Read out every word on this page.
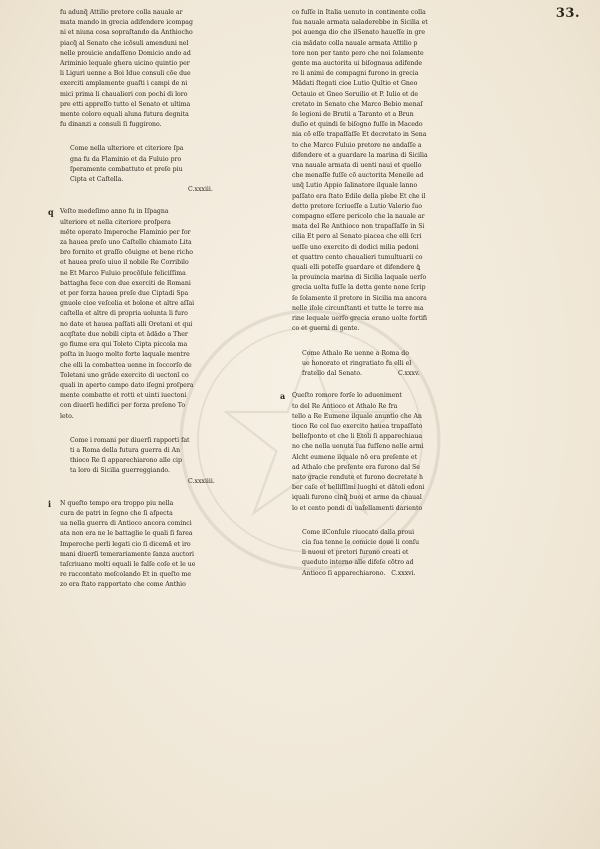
33.
fu adunq̃ Attilio pretore colla nauale ar
mata mando in grecia adifendere icompag
ni et niuna cosa sopraſtando da Anthiocho
piacq̃ al Senato che icõsuli amenduni nel
nelle prouicie andaſſeno Domicio ando ad
Ariminio lequale ghera uicino quintio per
li Liguri uenne a Boi Idue consuli cõe due
exerciti amplamente guaſti i campi de ni
mici prima li chaualieri con pochi di loro
pre etti appreſſo tutto el Senato et ultima
mente coloro equali aluna futura degnita
fu dinanzi a consuli ſi fuggirono.
Come nella ulteriore et citeriore ſpa
gna fu da Flaminio et da Fuluio pro
ſperamente combattuto et preſe piu
Cipta et Caſtella.
C.xxxiii.
q Veſto medeſimo anno fu in Iſpagna
ulteriore et nella citeriore proſpera
mēte operato Imperoche Flaminio per for
za hauea preſo uno Caſtello chiamato Lita
bro fornito et graſſo cõuigne et bene richo
et hauea preſo uiuo il nobile Re Corribilo
ne Et Marco Fuluio procõſule feliciſſima
battagha fece con due exerciti de Romani
et per forza hauea preſe due Ciptadi Spa
gnuole cioe veſcelia et bolone et altre aſſai
caſtella et altre di propria uolunta li furo
no date et hauea paſſati alli Oretani et qui
acqſtate due nobili cipta et ādādo a Ther
go fiume era qui Toleto Cipta piccola ma
poſta in luogo molto forte laquale mentre
che elli la combattea uenne in ſoccorſo de
Toletani uno grāde exercito di uectonī co
quali in aperto campo dato iſegni proſpera
mente combatte et rotti et uinti iuectoni
con diuerſi hedifici per forza preſeno To
leto.
Come i romani per diuerſi rapporti fat
ti a Roma della futura guerra di An
thioco Re ſi apparechiarono alle cip
ta loro di Sicilia guerreggiando.
C.xxxiiii.
i N queſto tempo era troppo piu nella
cura de patri in ſegno che ſi aſpecta
ua nella guerra di Antioco ancora cominci
ata non era ne le battaglie le quali ſi farea
Imperoche perli legati cio ſi dicemã et iro
mani diuerſi temerariamente ſanza auctori
taſcriuano molti equali le falſe coſe et le ue
re raccontato meſcolando Et in queſto me
zo era ſtato rapportato che come Anthio
co fuſſe in Italia uenuto in continente colla
ſua nauale armata ualaderebbe in Sicilia et
poi auenga dio che ilSenato haueſſe in gre
cia mādato colla nauale armata Attilio p
tore non per tanto pero che noi ſolamente
gente ma auctorita ui biſognaua adifende
re li animi de compagni furono in grecia
Mādati ſtegati cioe Lutio Quītio et Gneo
Octauio et Gneo Seruilio et P. Iulio et de
cretato in Senato che Marco Bebio menaſ
ſe legioni de Brutii a Taranto et a Brun
duſio et quindi ſe biſogno fuſſe in Macedo
nia cõ eſſe trapaſſaſſe Et decretato in Sena
to che Marco Fuluio pretore ne andaſſe a
difendere et a guardare la marina di Sicilia
vna nauale armata di uenti naui et quello
che menaſſe fuſſe cõ auctorita Meneile ad
unq̃ Lutio Appio ſalinatore ilquale lanno
paſſato era ſtato Edile della plebe Et che il
detto pretore ſcriueſſe a Lutio Valerio ſuo
compagno eſſere pericolo che la nauale ar
mata del Re Anthioco non trapaſſaſſe in Si
cilia Et pero al Senato piacea che elli ſcri
ueſſe uno exercito di dodici milia pedoni
et quattro cento chaualieri tumultuarii co
quali elli poteſſe guardare et difendere ꝗ̃
la prouincia marina di Sicilia laquale uerſo
grecia uolta fuſſe la detta gente none ſcrip
ſe ſolamente il pretore in Sicilia ma ancora
nelle iſole circunſtanti et tutte le terre ma
rine lequale uerſo grecia erano uolte fortifi
co et guernì di gente.
Come Athalo Re uenne a Roma do
ue honorato et ringratiato fu elli el
fratello dal Senato.	C.xxxv.
a Queſto romore forſe lo adueniment
to del Re Antioco et Athalo Re fra
tello a Re Eumene ilquale anuntio che An
tioco Re col ſuo exercito hauea trapaſſato
belleſponto et che li Etoli ſi apparechiaua
no che nella uenuta ſua fuſſeno nelle armi
Alcht eumene ilquale nō era preſente et
ad Athalo che preſente era furono dal Se
nato gracie rendute et furono decretate h
ber caſe et belliſſimi luoghi et dātoli edoni
iquali furono cinq̃ buoi et arme da chaual
lo et cento pondi di uaſellamenti dariento
Come ilConſule riuocato dalla proui
cia ſua tenne le comicie doue li conſu
li nuoui et pretori furono creati et
queduto interno alle difeſe cõtro ad
Antioco ſi apparechiarono. C.xxxvi.
